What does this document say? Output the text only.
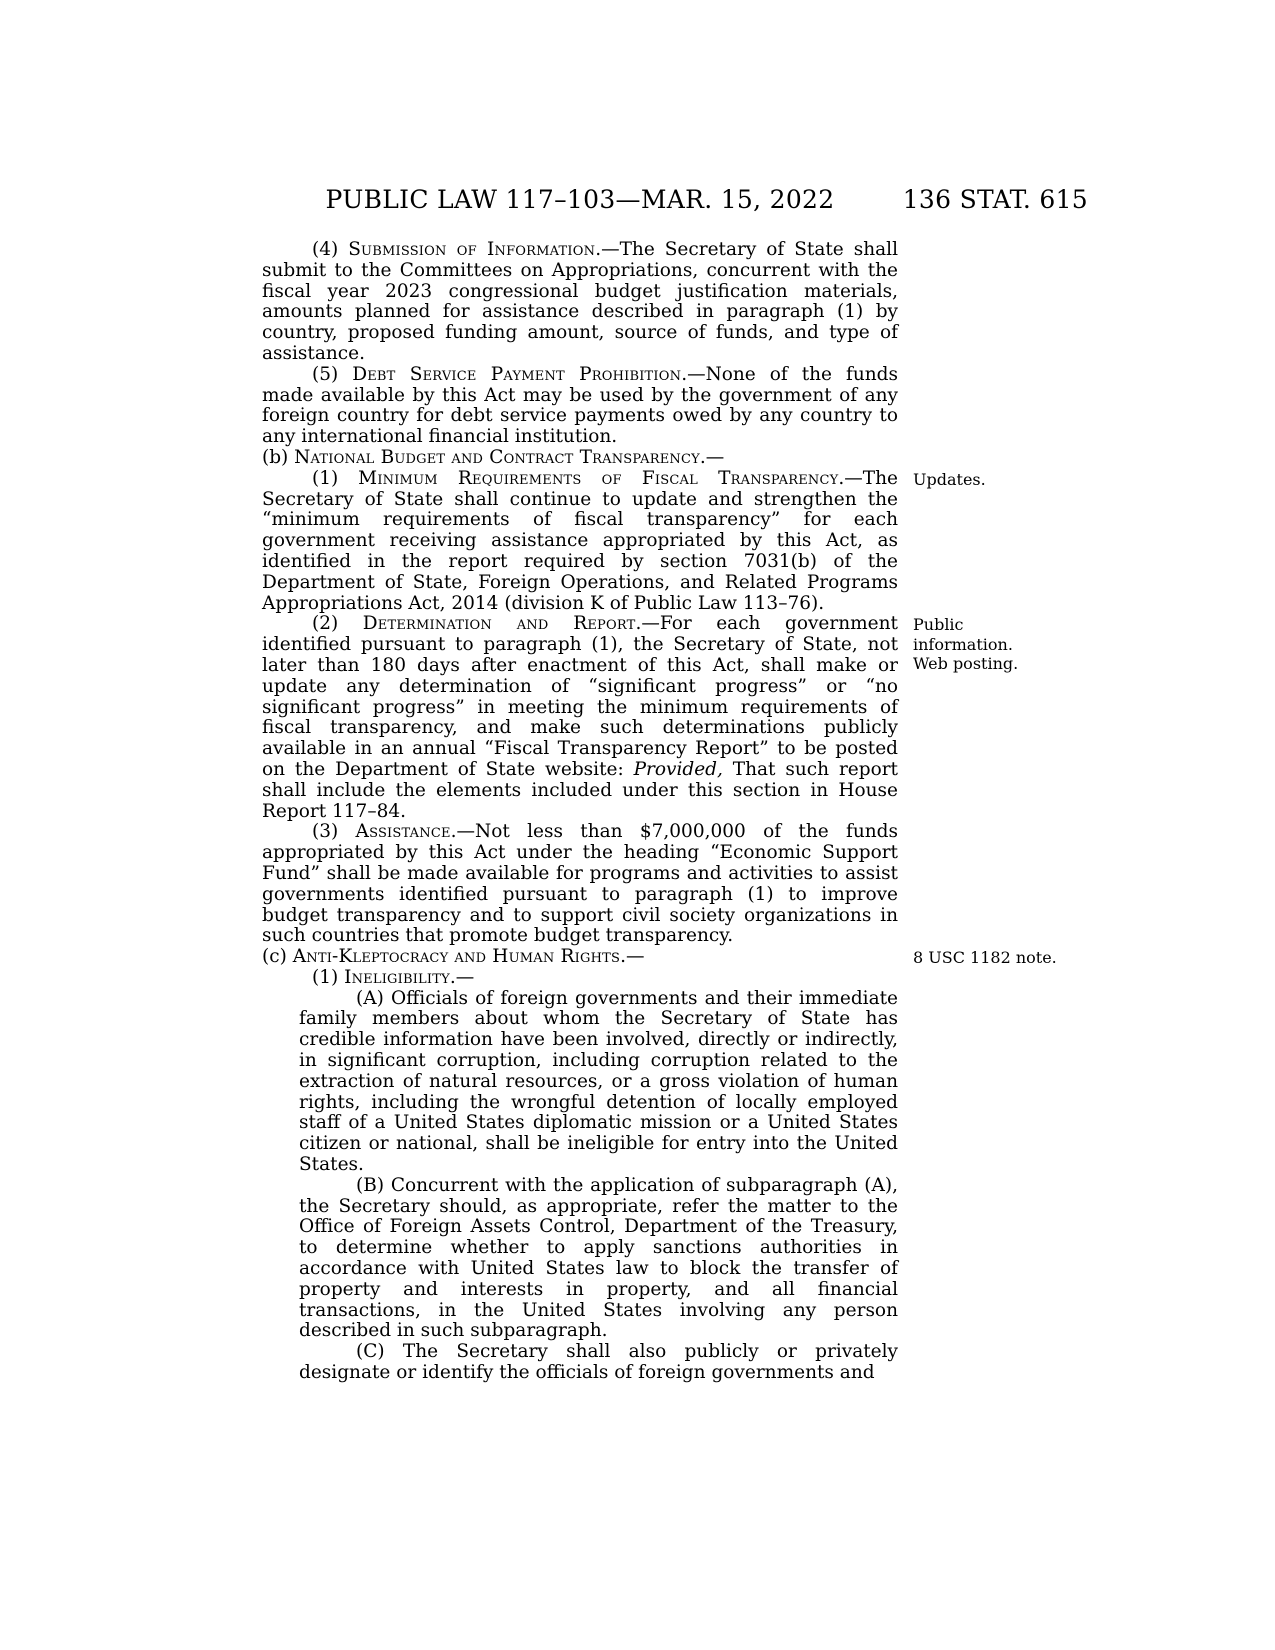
PUBLIC LAW 117–103—MAR. 15, 2022	136 STAT. 615

(4) Submission of Information.—The Secretary of State shall submit to the Committees on Appropriations, concurrent with the fiscal year 2023 congressional budget justification materials, amounts planned for assistance described in paragraph (1) by country, proposed funding amount, source of funds, and type of assistance.

(5) Debt Service Payment Prohibition.—None of the funds made available by this Act may be used by the government of any foreign country for debt service payments owed by any country to any international financial institution.

(b) National Budget and Contract Transparency.—

(1) Minimum Requirements of Fiscal Transparency.—The Secretary of State shall continue to update and strengthen the “minimum requirements of fiscal transparency” for each government receiving assistance appropriated by this Act, as identified in the report required by section 7031(b) of the Department of State, Foreign Operations, and Related Programs Appropriations Act, 2014 (division K of Public Law 113–76).
Updates.

(2) Determination and Report.—For each government identified pursuant to paragraph (1), the Secretary of State, not later than 180 days after enactment of this Act, shall make or update any determination of “significant progress” or “no significant progress” in meeting the minimum requirements of fiscal transparency, and make such determinations publicly available in an annual “Fiscal Transparency Report” to be posted on the Department of State website: Provided, That such report shall include the elements included under this section in House Report 117–84.
Public
information.
Web posting.

(3) Assistance.—Not less than $7,000,000 of the funds appropriated by this Act under the heading “Economic Support Fund” shall be made available for programs and activities to assist governments identified pursuant to paragraph (1) to improve budget transparency and to support civil society organizations in such countries that promote budget transparency.

(c) Anti-Kleptocracy and Human Rights.—	8 USC 1182 note.

(1) Ineligibility.—

(A) Officials of foreign governments and their immediate family members about whom the Secretary of State has credible information have been involved, directly or indirectly, in significant corruption, including corruption related to the extraction of natural resources, or a gross violation of human rights, including the wrongful detention of locally employed staff of a United States diplomatic mission or a United States citizen or national, shall be ineligible for entry into the United States.

(B) Concurrent with the application of subparagraph (A), the Secretary should, as appropriate, refer the matter to the Office of Foreign Assets Control, Department of the Treasury, to determine whether to apply sanctions authorities in accordance with United States law to block the transfer of property and interests in property, and all financial transactions, in the United States involving any person described in such subparagraph.

(C) The Secretary shall also publicly or privately designate or identify the officials of foreign governments and
